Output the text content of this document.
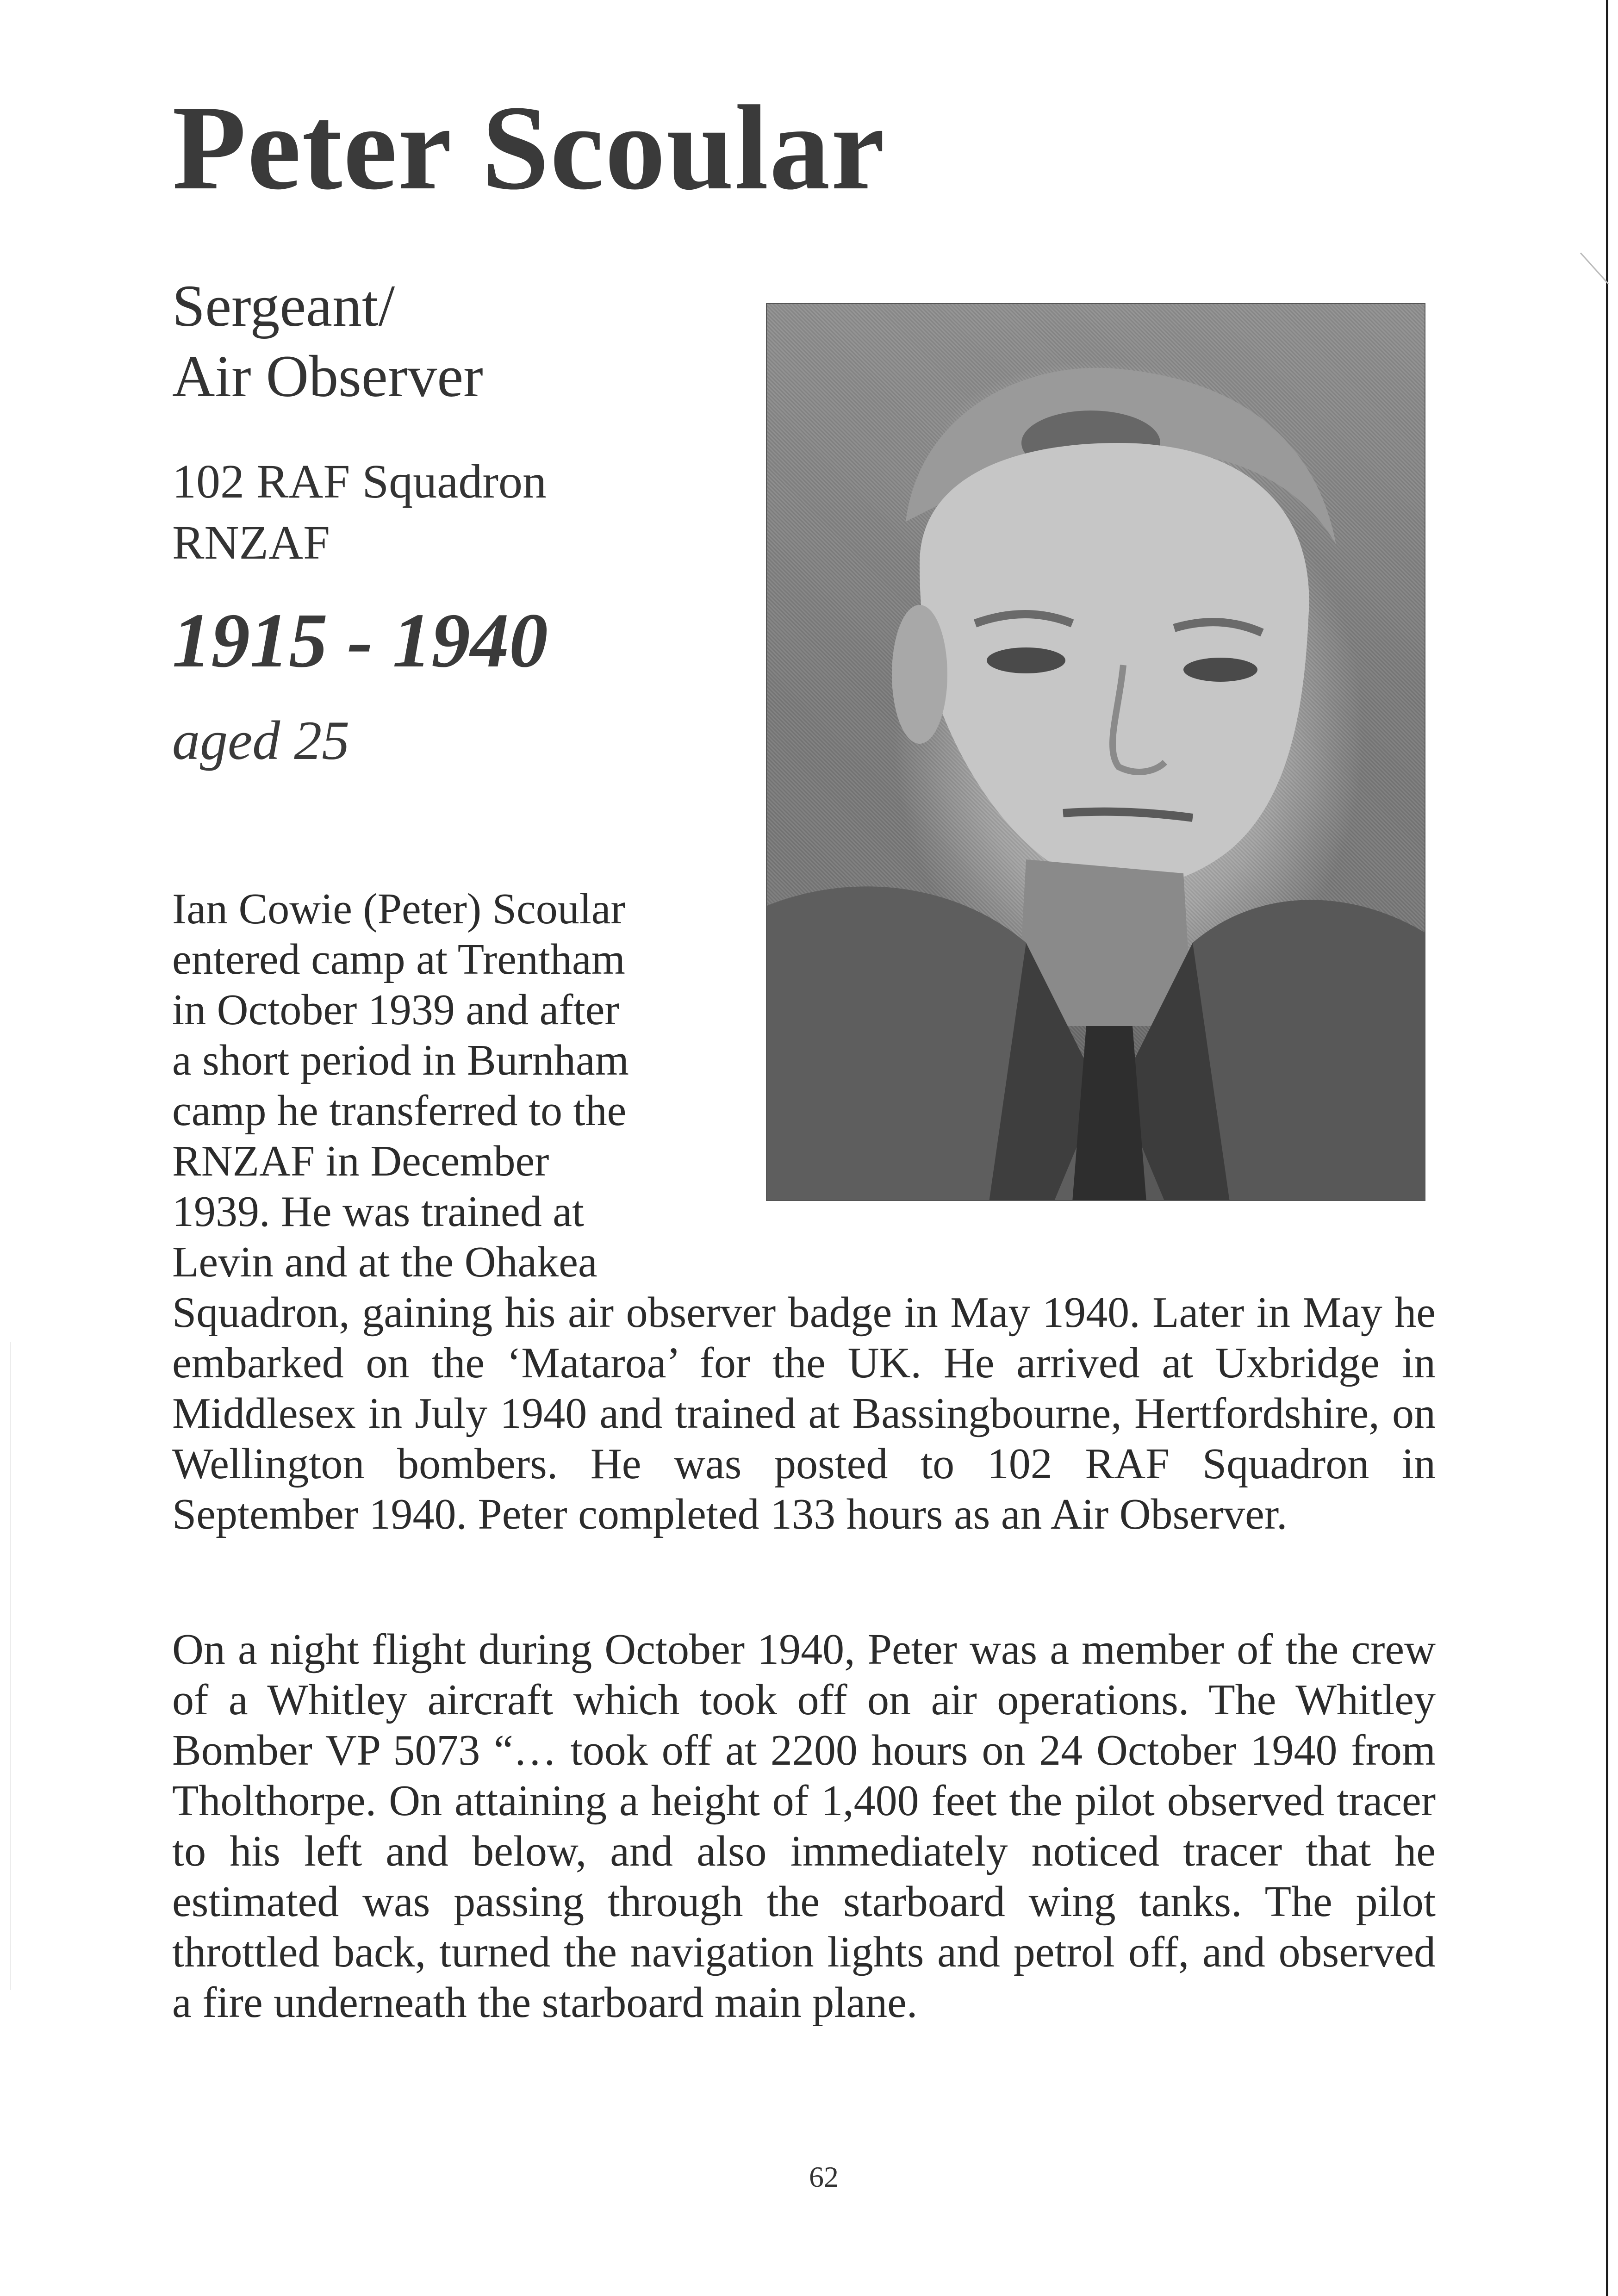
Peter Scoular
Sergeant/
Air Observer
102 RAF Squadron
RNZAF
1915 - 1940
aged 25
Ian Cowie (Peter) Scoular
entered camp at Trentham
in October 1939 and after
a short period in Burnham
camp he transferred to the
RNZAF in December
1939. He was trained at
Levin and at the Ohakea

Squadron, gaining his air observer badge in May 1940. Later in May he embarked on the ‘Mataroa’ for the UK. He arrived at Uxbridge in Middlesex in July 1940 and trained at Bassingbourne, Hertfordshire, on Wellington bombers. He was posted to 102 RAF Squadron in September 1940. Peter completed 133 hours as an Air Observer.

On a night flight during October 1940, Peter was a member of the crew of a Whitley aircraft which took off on air operations. The Whitley Bomber VP 5073 “… took off at 2200 hours on 24 October 1940 from Tholthorpe. On attaining a height of 1,400 feet the pilot observed tracer to his left and below, and also immediately noticed tracer that he estimated was passing through the starboard wing tanks. The pilot throttled back, turned the navigation lights and petrol off, and observed a fire underneath the starboard main plane.

62
